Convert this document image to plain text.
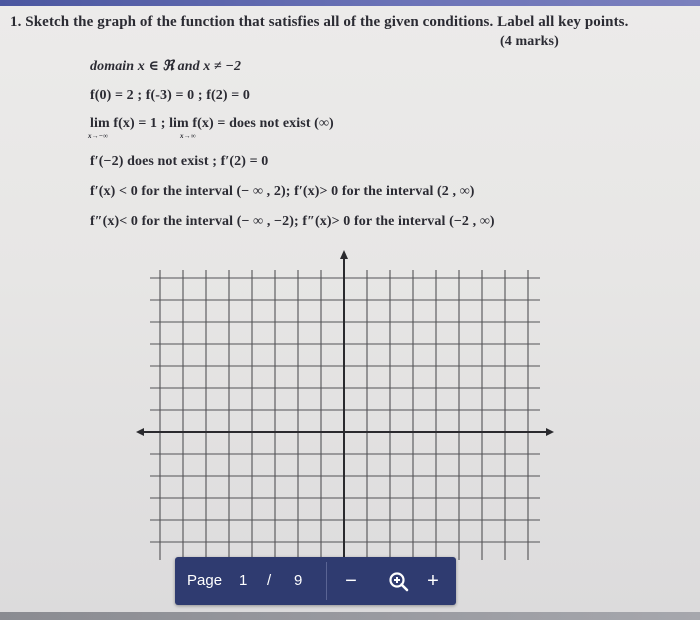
1. Sketch the graph of the function that satisfies all of the given conditions. Label all key points.
(4 marks)
domain x ∈ ℜ and x ≠ −2
f(0) = 2 ; f(-3) = 0 ; f(2) = 0
lim f(x) = 1 ; lim f(x) = does not exist (∞)
x→−∞	x→∞
f′(−2) does not exist ; f′(2) = 0
f′(x) < 0 for the interval (− ∞ , 2); f′(x)> 0 for the interval (2 , ∞)
f″(x)< 0 for the interval (− ∞ , −2); f″(x)> 0 for the interval (−2 , ∞)
Page 1 / 9	−	+
